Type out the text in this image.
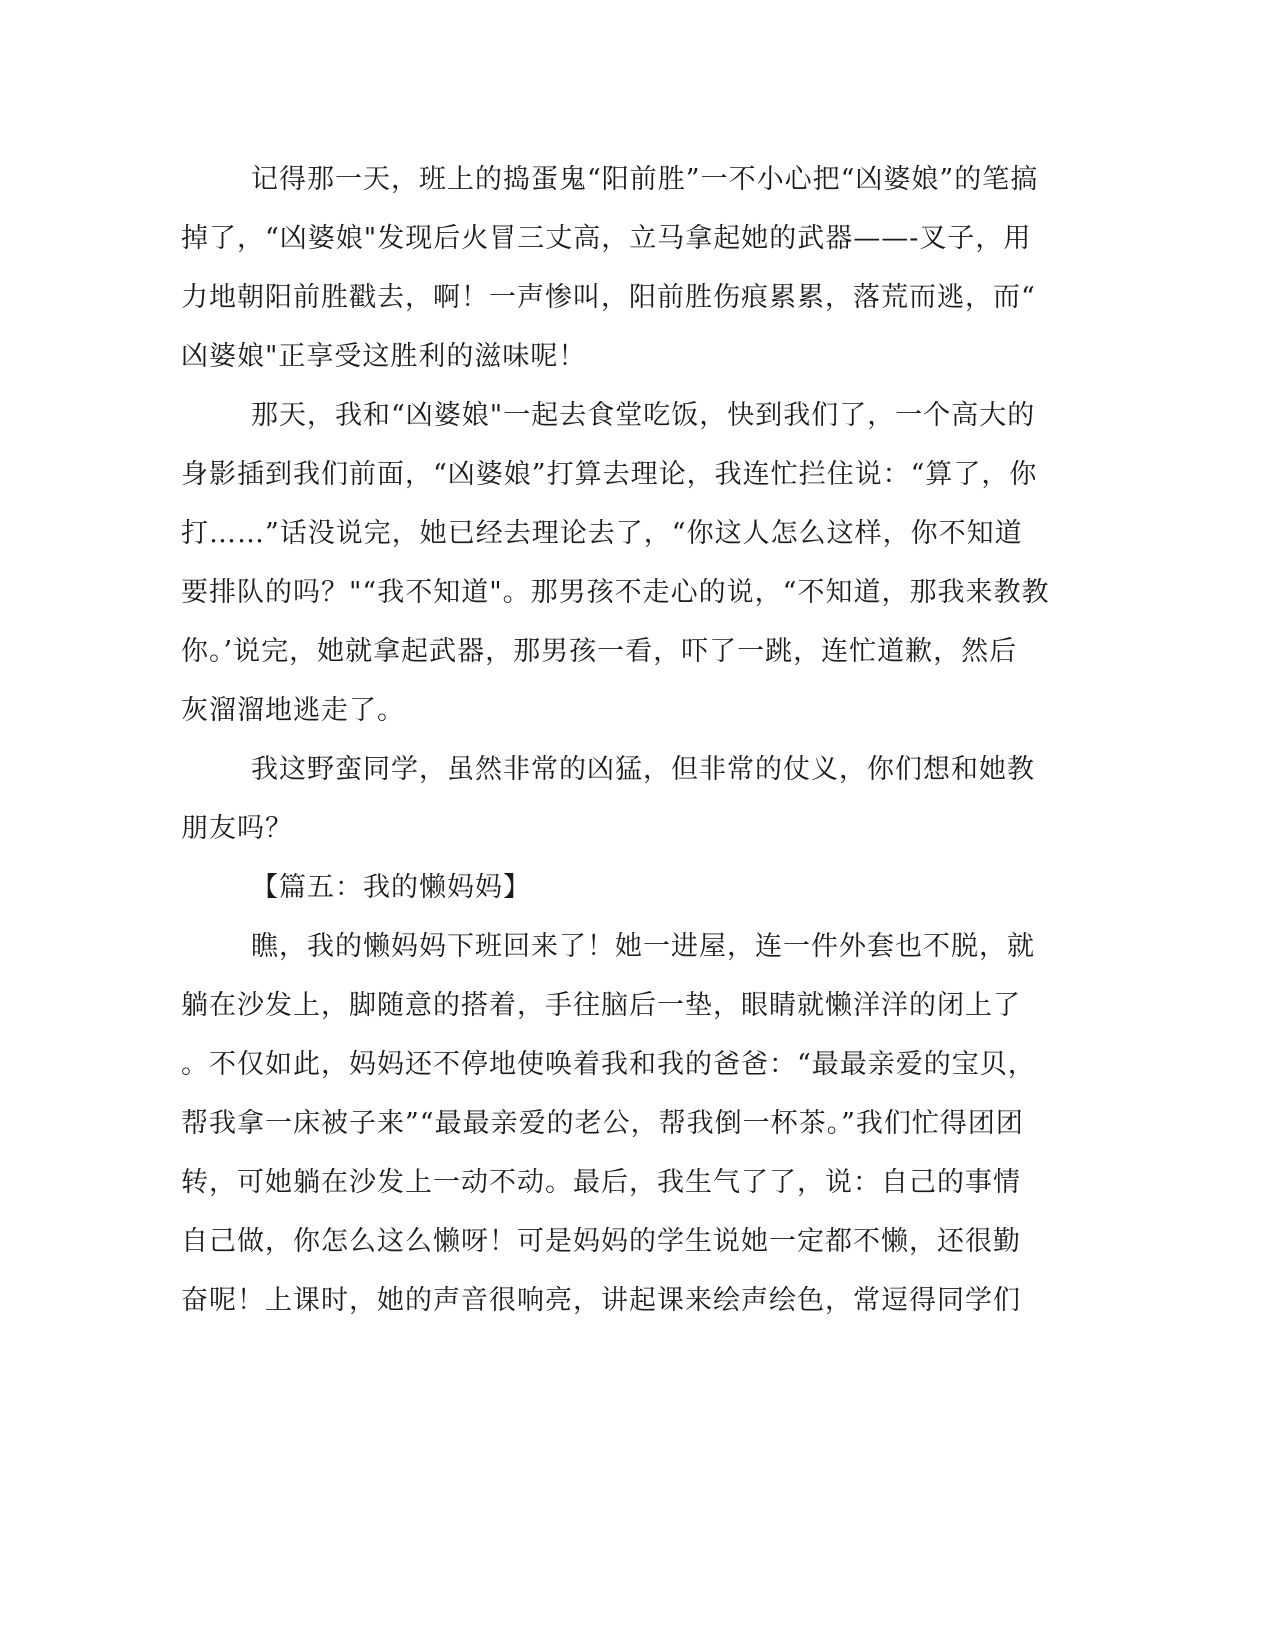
记得那一天，班上的捣蛋鬼“阳前胜”一不小心把“凶婆娘”的笔搞
掉了，“凶婆娘"发现后火冒三丈高，立马拿起她的武器——-叉子，用
力地朝阳前胜戳去，啊！一声惨叫，阳前胜伤痕累累，落荒而逃，而“
凶婆娘"正享受这胜利的滋味呢！

那天，我和“凶婆娘"一起去食堂吃饭，快到我们了，一个高大的
身影插到我们前面，“凶婆娘”打算去理论，我连忙拦住说：“算了，你
打……”话没说完，她已经去理论去了，“你这人怎么这样，你不知道
要排队的吗？"“我不知道"。那男孩不走心的说，“不知道，那我来教教
你。’说完，她就拿起武器，那男孩一看，吓了一跳，连忙道歉，然后
灰溜溜地逃走了。

我这野蛮同学，虽然非常的凶猛，但非常的仗义，你们想和她教
朋友吗？

【篇五：我的懒妈妈】

瞧，我的懒妈妈下班回来了！她一进屋，连一件外套也不脱，就
躺在沙发上，脚随意的搭着，手往脑后一垫，眼睛就懒洋洋的闭上了
。不仅如此，妈妈还不停地使唤着我和我的爸爸：“最最亲爱的宝贝，
帮我拿一床被子来”“最最亲爱的老公，帮我倒一杯茶。”我们忙得团团
转，可她躺在沙发上一动不动。最后，我生气了了，说：自己的事情
自己做，你怎么这么懒呀！可是妈妈的学生说她一定都不懒，还很勤
奋呢！上课时，她的声音很响亮，讲起课来绘声绘色，常逗得同学们
